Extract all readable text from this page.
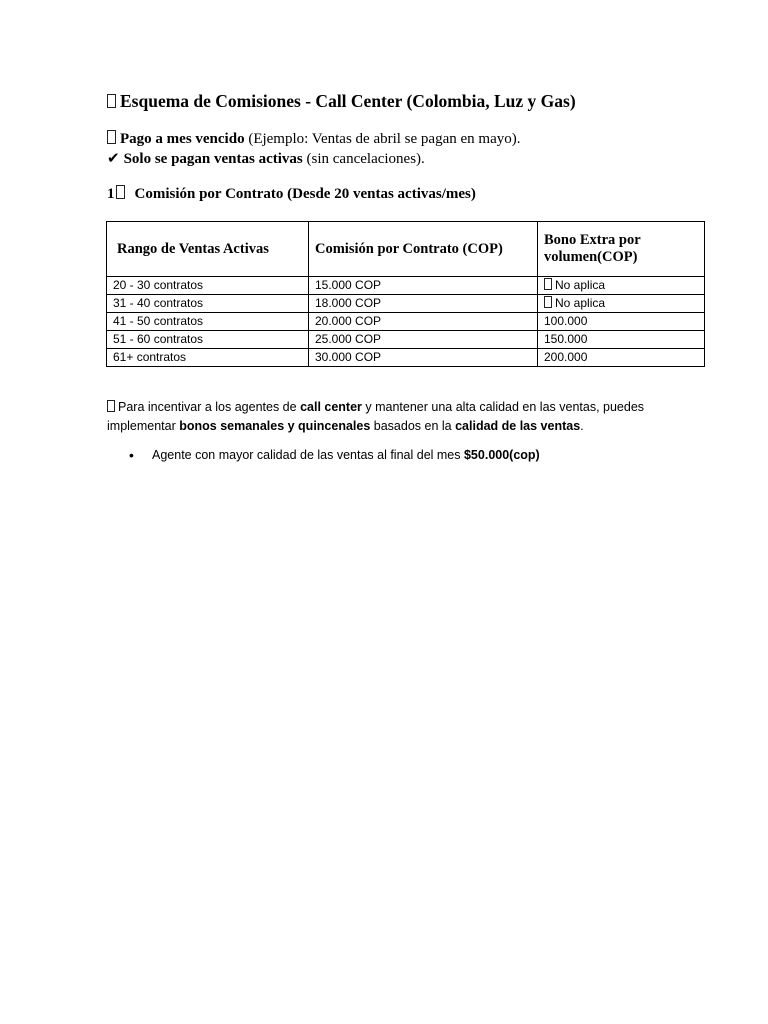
Esquema de Comisiones - Call Center (Colombia, Luz y Gas)
Pago a mes vencido (Ejemplo: Ventas de abril se pagan en mayo).
✔ Solo se pagan ventas activas (sin cancelaciones).
1 Comisión por Contrato (Desde 20 ventas activas/mes)
Rango de Ventas Activas	Comisión por Contrato (COP)	Bono Extra por volumen(COP)
20 - 30 contratos	15.000 COP	No aplica
31 - 40 contratos	18.000 COP	No aplica
41 - 50 contratos	20.000 COP	100.000
51 - 60 contratos	25.000 COP	150.000
61+ contratos	30.000 COP	200.000
Para incentivar a los agentes de call center y mantener una alta calidad en las ventas, puedes implementar bonos semanales y quincenales basados en la calidad de las ventas.
• Agente con mayor calidad de las ventas al final del mes $50.000(cop)
